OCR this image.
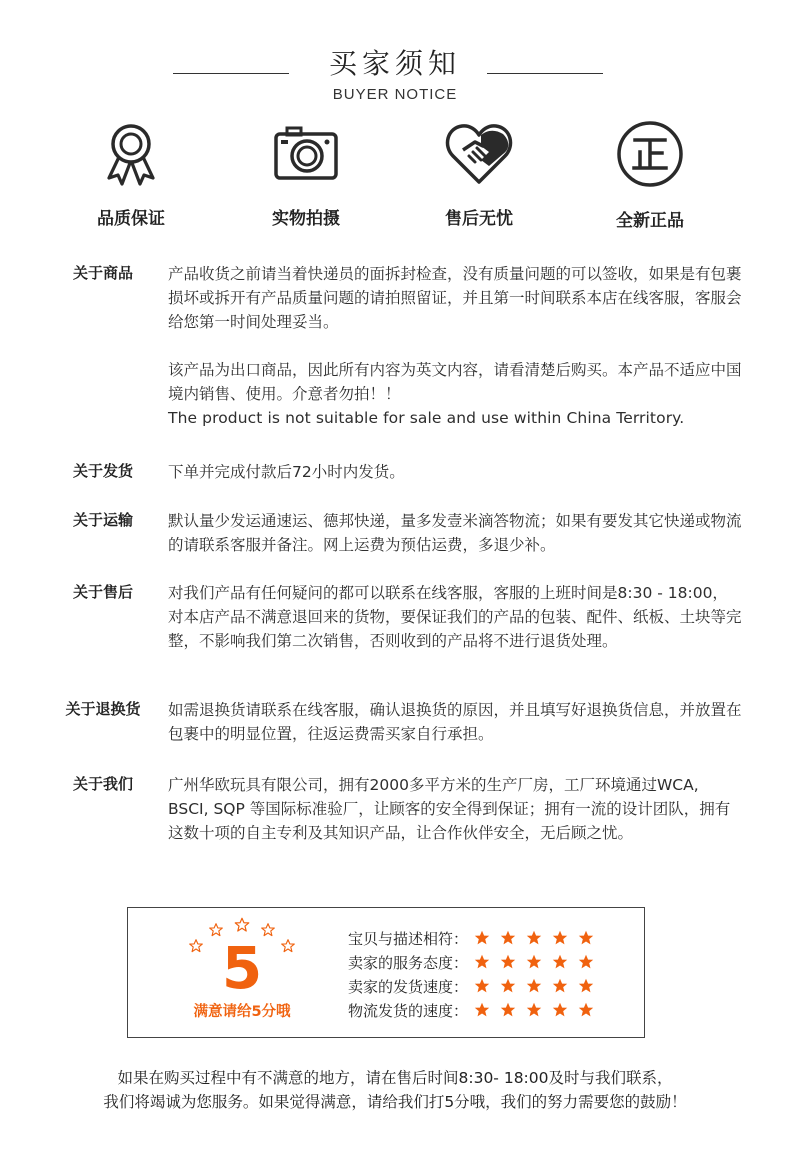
买家须知
BUYER NOTICE
品质保证	实物拍摄	售后无忧	全新正品
关于商品	产品收货之前请当着快递员的面拆封检查，没有质量问题的可以签收，如果是有包裹损坏或拆开有产品质量问题的请拍照留证，并且第一时间联系本店在线客服，客服会给您第一时间处理妥当。

该产品为出口商品，因此所有内容为英文内容，请看清楚后购买。本产品不适应中国境内销售、使用。介意者勿拍！！
The product is not suitable for sale and use within China Territory.

关于发货	下单并完成付款后72小时内发货。
关于运输	默认量少发运通速运、德邦快递，量多发壹米滴答物流；如果有要发其它快递或物流的请联系客服并备注。网上运费为预估运费，多退少补。
关于售后	对我们产品有任何疑问的都可以联系在线客服，客服的上班时间是8:30 - 18:00，对本店产品不满意退回来的货物，要保证我们的产品的包装、配件、纸板、土块等完整，不影响我们第二次销售，否则收到的产品将不进行退货处理。
关于退换货	如需退换货请联系在线客服，确认退换货的原因，并且填写好退换货信息，并放置在包裹中的明显位置，往返运费需买家自行承担。
关于我们	广州华欧玩具有限公司，拥有2000多平方米的生产厂房，工厂环境通过WCA, BSCI, SQP 等国际标准验厂，让顾客的安全得到保证；拥有一流的设计团队，拥有这数十项的自主专利及其知识产品，让合作伙伴安全，无后顾之忧。
5
满意请给5分哦
宝贝与描述相符：
卖家的服务态度：
卖家的发货速度：
物流发货的速度：
如果在购买过程中有不满意的地方，请在售后时间8:30- 18:00及时与我们联系，
我们将竭诚为您服务。如果觉得满意，请给我们打5分哦，我们的努力需要您的鼓励！
